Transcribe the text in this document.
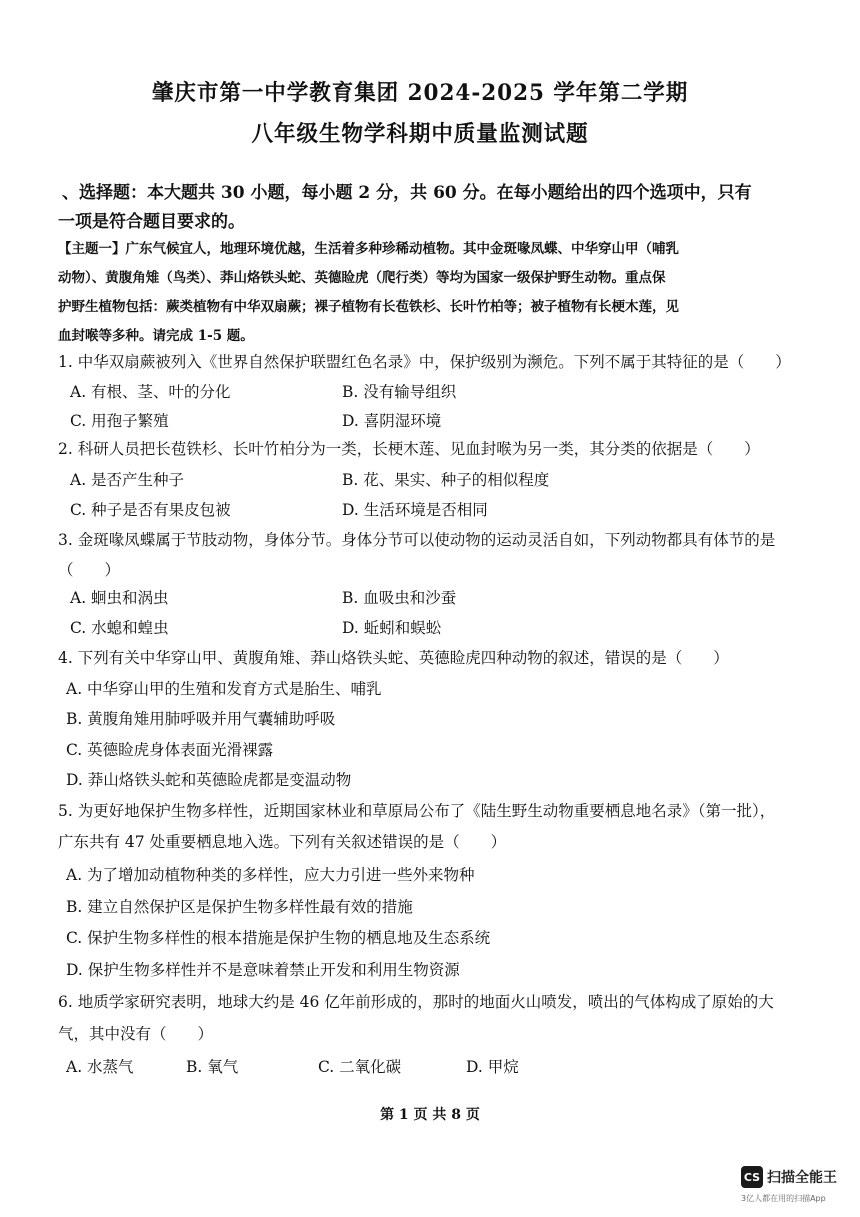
肇庆市第一中学教育集团 2024-2025 学年第二学期
八年级生物学科期中质量监测试题
、选择题：本大题共 30 小题，每小题 2 分，共 60 分。在每小题给出的四个选项中，只有
一项是符合题目要求的。
【主题一】广东气候宜人，地理环境优越，生活着多种珍稀动植物。其中金斑喙凤蝶、中华穿山甲（哺乳
动物）、黄腹角雉（鸟类）、莽山烙铁头蛇、英德睑虎（爬行类）等均为国家一级保护野生动物。重点保
护野生植物包括：蕨类植物有中华双扇蕨；裸子植物有长苞铁杉、长叶竹柏等；被子植物有长梗木莲，见
血封喉等多种。请完成 1-5 题。
1. 中华双扇蕨被列入《世界自然保护联盟红色名录》中，保护级别为濒危。下列不属于其特征的是（　　）
A. 有根、茎、叶的分化	B. 没有输导组织
C. 用孢子繁殖	D. 喜阴湿环境
2. 科研人员把长苞铁杉、长叶竹柏分为一类，长梗木莲、见血封喉为另一类，其分类的依据是（　　）
A. 是否产生种子	B. 花、果实、种子的相似程度
C. 种子是否有果皮包被	D. 生活环境是否相同
3. 金斑喙凤蝶属于节肢动物，身体分节。身体分节可以使动物的运动灵活自如，下列动物都具有体节的是
（　　）
A. 蛔虫和涡虫	B. 血吸虫和沙蚕
C. 水螅和蝗虫	D. 蚯蚓和蜈蚣
4. 下列有关中华穿山甲、黄腹角雉、莽山烙铁头蛇、英德睑虎四种动物的叙述，错误的是（　　）
A. 中华穿山甲的生殖和发育方式是胎生、哺乳
B. 黄腹角雉用肺呼吸并用气囊辅助呼吸
C. 英德睑虎身体表面光滑裸露
D. 莽山烙铁头蛇和英德睑虎都是变温动物
5. 为更好地保护生物多样性，近期国家林业和草原局公布了《陆生野生动物重要栖息地名录》（第一批），
广东共有 47 处重要栖息地入选。下列有关叙述错误的是（　　）
A. 为了增加动植物种类的多样性，应大力引进一些外来物种
B. 建立自然保护区是保护生物多样性最有效的措施
C. 保护生物多样性的根本措施是保护生物的栖息地及生态系统
D. 保护生物多样性并不是意味着禁止开发和利用生物资源
6. 地质学家研究表明，地球大约是 46 亿年前形成的，那时的地面火山喷发，喷出的气体构成了原始的大
气，其中没有（　　）
A. 水蒸气	B. 氧气	C. 二氧化碳	D. 甲烷
第 1 页 共 8 页
CS 扫描全能王
3亿人都在用的扫描App
